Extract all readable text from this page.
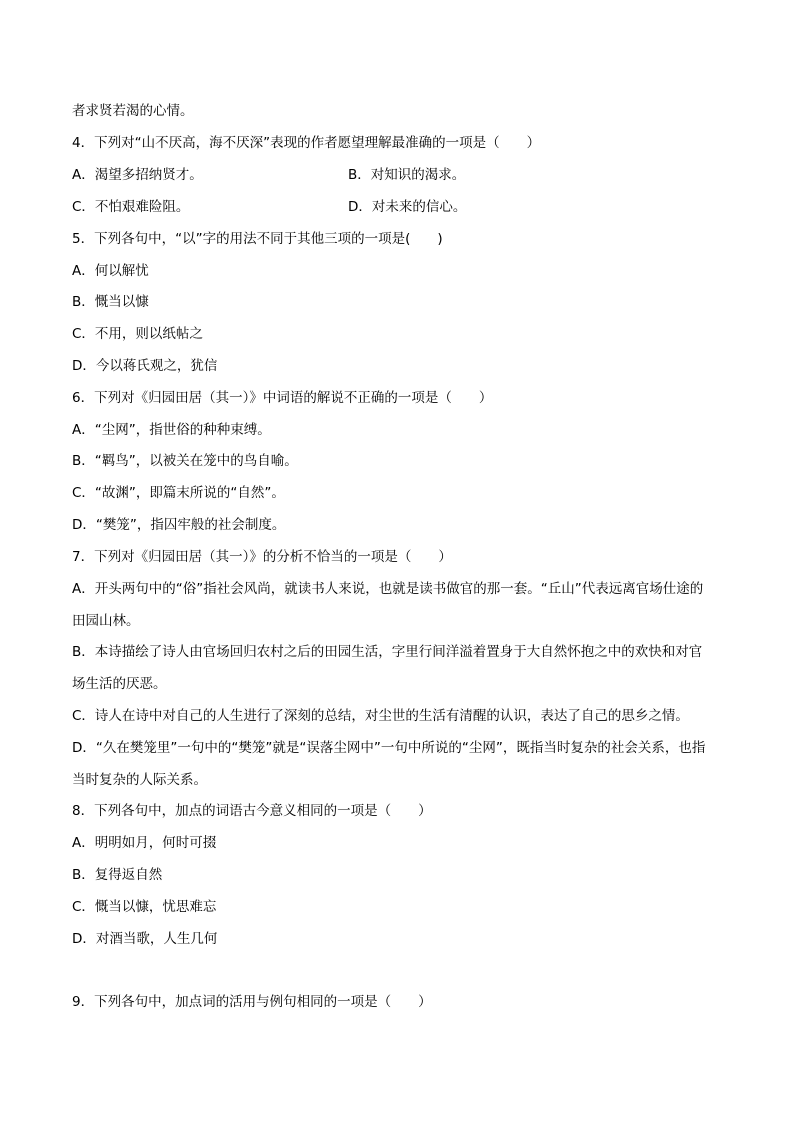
者求贤若渴的心情。
4．下列对“山不厌高，海不厌深”表现的作者愿望理解最准确的一项是（　　）
A．渴望多招纳贤才。	B．对知识的渴求。
C．不怕艰难险阻。	D．对未来的信心。
5．下列各句中，“以”字的用法不同于其他三项的一项是(　　)
A．何以解忧
B．慨当以慷
C．不用，则以纸帖之
D．今以蒋氏观之，犹信
6．下列对《归园田居（其一）》中词语的解说不正确的一项是（　　）
A．“尘网”，指世俗的种种束缚。
B．“羁鸟”，以被关在笼中的鸟自喻。
C．“故渊”，即篇末所说的“自然”。
D．“樊笼”，指囚牢般的社会制度。
7．下列对《归园田居（其一）》的分析不恰当的一项是（　　）
A．开头两句中的“俗”指社会风尚，就读书人来说，也就是读书做官的那一套。“丘山”代表远离官场仕途的
田园山林。
B．本诗描绘了诗人由官场回归农村之后的田园生活，字里行间洋溢着置身于大自然怀抱之中的欢快和对官
场生活的厌恶。
C．诗人在诗中对自己的人生进行了深刻的总结，对尘世的生活有清醒的认识，表达了自己的思乡之情。
D．“久在樊笼里”一句中的“樊笼”就是“误落尘网中”一句中所说的“尘网”，既指当时复杂的社会关系，也指
当时复杂的人际关系。
8．下列各句中，加点的词语古今意义相同的一项是（　　）
A．明明如月，何时可掇
B．复得返自然
C．慨当以慷，忧思难忘
D．对酒当歌，人生几何
9．下列各句中，加点词的活用与例句相同的一项是（　　）
